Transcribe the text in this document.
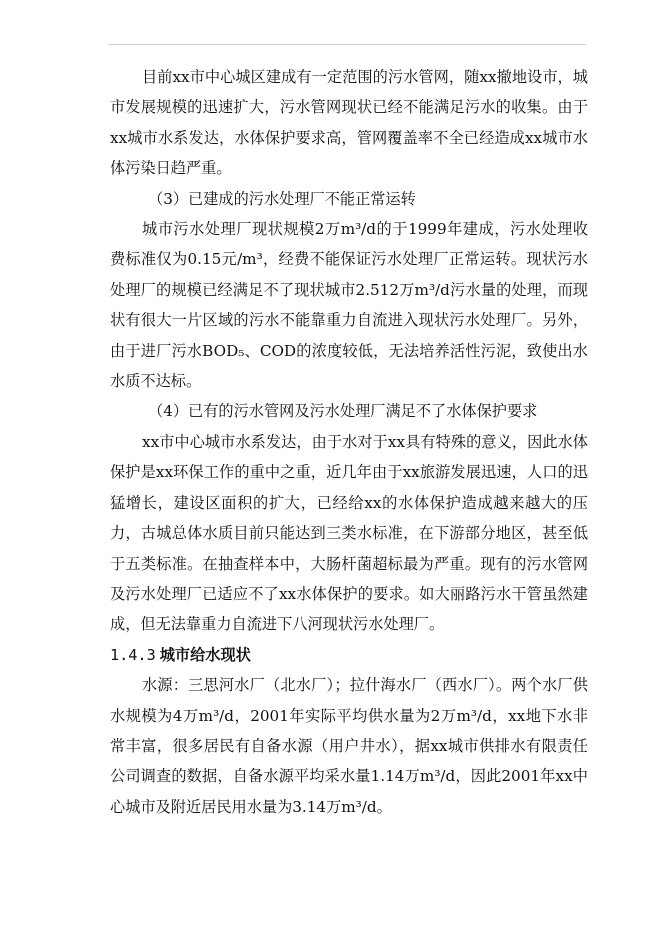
目前xx市中心城区建成有一定范围的污水管网，随xx撤地设市，城市发展规模的迅速扩大，污水管网现状已经不能满足污水的收集。由于xx城市水系发达，水体保护要求高，管网覆盖率不全已经造成xx城市水体污染日趋严重。

（3）已建成的污水处理厂不能正常运转

城市污水处理厂现状规模2万m³/d的于1999年建成，污水处理收费标准仅为0.15元/m³，经费不能保证污水处理厂正常运转。现状污水处理厂的规模已经满足不了现状城市2.512万m³/d污水量的处理，而现状有很大一片区域的污水不能靠重力自流进入现状污水处理厂。另外，由于进厂污水BOD₅、COD的浓度较低，无法培养活性污泥，致使出水水质不达标。

（4）已有的污水管网及污水处理厂满足不了水体保护要求

xx市中心城市水系发达，由于水对于xx具有特殊的意义，因此水体保护是xx环保工作的重中之重，近几年由于xx旅游发展迅速，人口的迅猛增长，建设区面积的扩大，已经给xx的水体保护造成越来越大的压力，古城总体水质目前只能达到三类水标准，在下游部分地区，甚至低于五类标准。在抽查样本中，大肠杆菌超标最为严重。现有的污水管网及污水处理厂已适应不了xx水体保护的要求。如大丽路污水干管虽然建成，但无法靠重力自流进下八河现状污水处理厂。

1.4.3 城市给水现状

水源：三思河水厂（北水厂）；拉什海水厂（西水厂）。两个水厂供水规模为4万m³/d，2001年实际平均供水量为2万m³/d，xx地下水非常丰富，很多居民有自备水源（用户井水），据xx城市供排水有限责任公司调查的数据，自备水源平均采水量1.14万m³/d，因此2001年xx中心城市及附近居民用水量为3.14万m³/d。
